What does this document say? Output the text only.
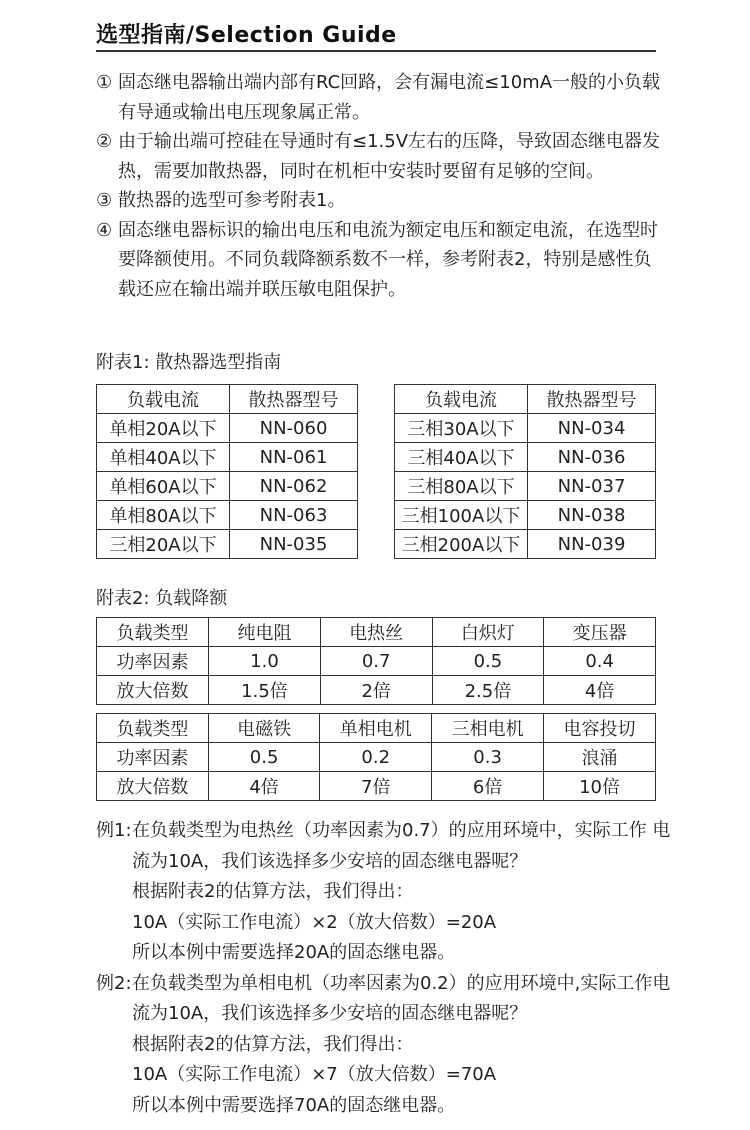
选型指南/Selection Guide
① 固态继电器输出端内部有RC回路，会有漏电流≤10mA一般的小负载　 有导通或输出电压现象属正常。
② 由于输出端可控硅在导通时有≤1.5V左右的压降，导致固态继电器发热，需要加散热器，同时在机柜中安装时要留有足够的空间。
③ 散热器的选型可参考附表1。
④ 固态继电器标识的输出电压和电流为额定电压和额定电流，在选型时要降额使用。不同负载降额系数不一样，参考附表2，特别是感性负载还应在输出端并联压敏电阻保护。
附表1: 散热器选型指南
负载电流	散热器型号
单相20A以下	NN-060
单相40A以下	NN-061
单相60A以下	NN-062
单相80A以下	NN-063
三相20A以下	NN-035
负载电流	散热器型号
三相30A以下	NN-034
三相40A以下	NN-036
三相80A以下	NN-037
三相100A以下	NN-038
三相200A以下	NN-039
附表2: 负载降额
负载类型	纯电阻	电热丝	白炽灯	变压器
功率因素	1.0	0.7	0.5	0.4
放大倍数	1.5倍	2倍	2.5倍	4倍
负载类型	电磁铁	单相电机	三相电机	电容投切
功率因素	0.5	0.2	0.3	浪涌
放大倍数	4倍	7倍	6倍	10倍
例1: 在负载类型为电热丝（功率因素为0.7）的应用环境中，实际工作 电流为10A，我们该选择多少安培的固态继电器呢？
根据附表2的估算方法，我们得出：
10A（实际工作电流）×2（放大倍数）=20A
所以本例中需要选择20A的固态继电器。
例2: 在负载类型为单相电机（功率因素为0.2）的应用环境中,实际工作电流为10A，我们该选择多少安培的固态继电器呢？
根据附表2的估算方法，我们得出：
10A（实际工作电流）×7（放大倍数）=70A
所以本例中需要选择70A的固态继电器。
